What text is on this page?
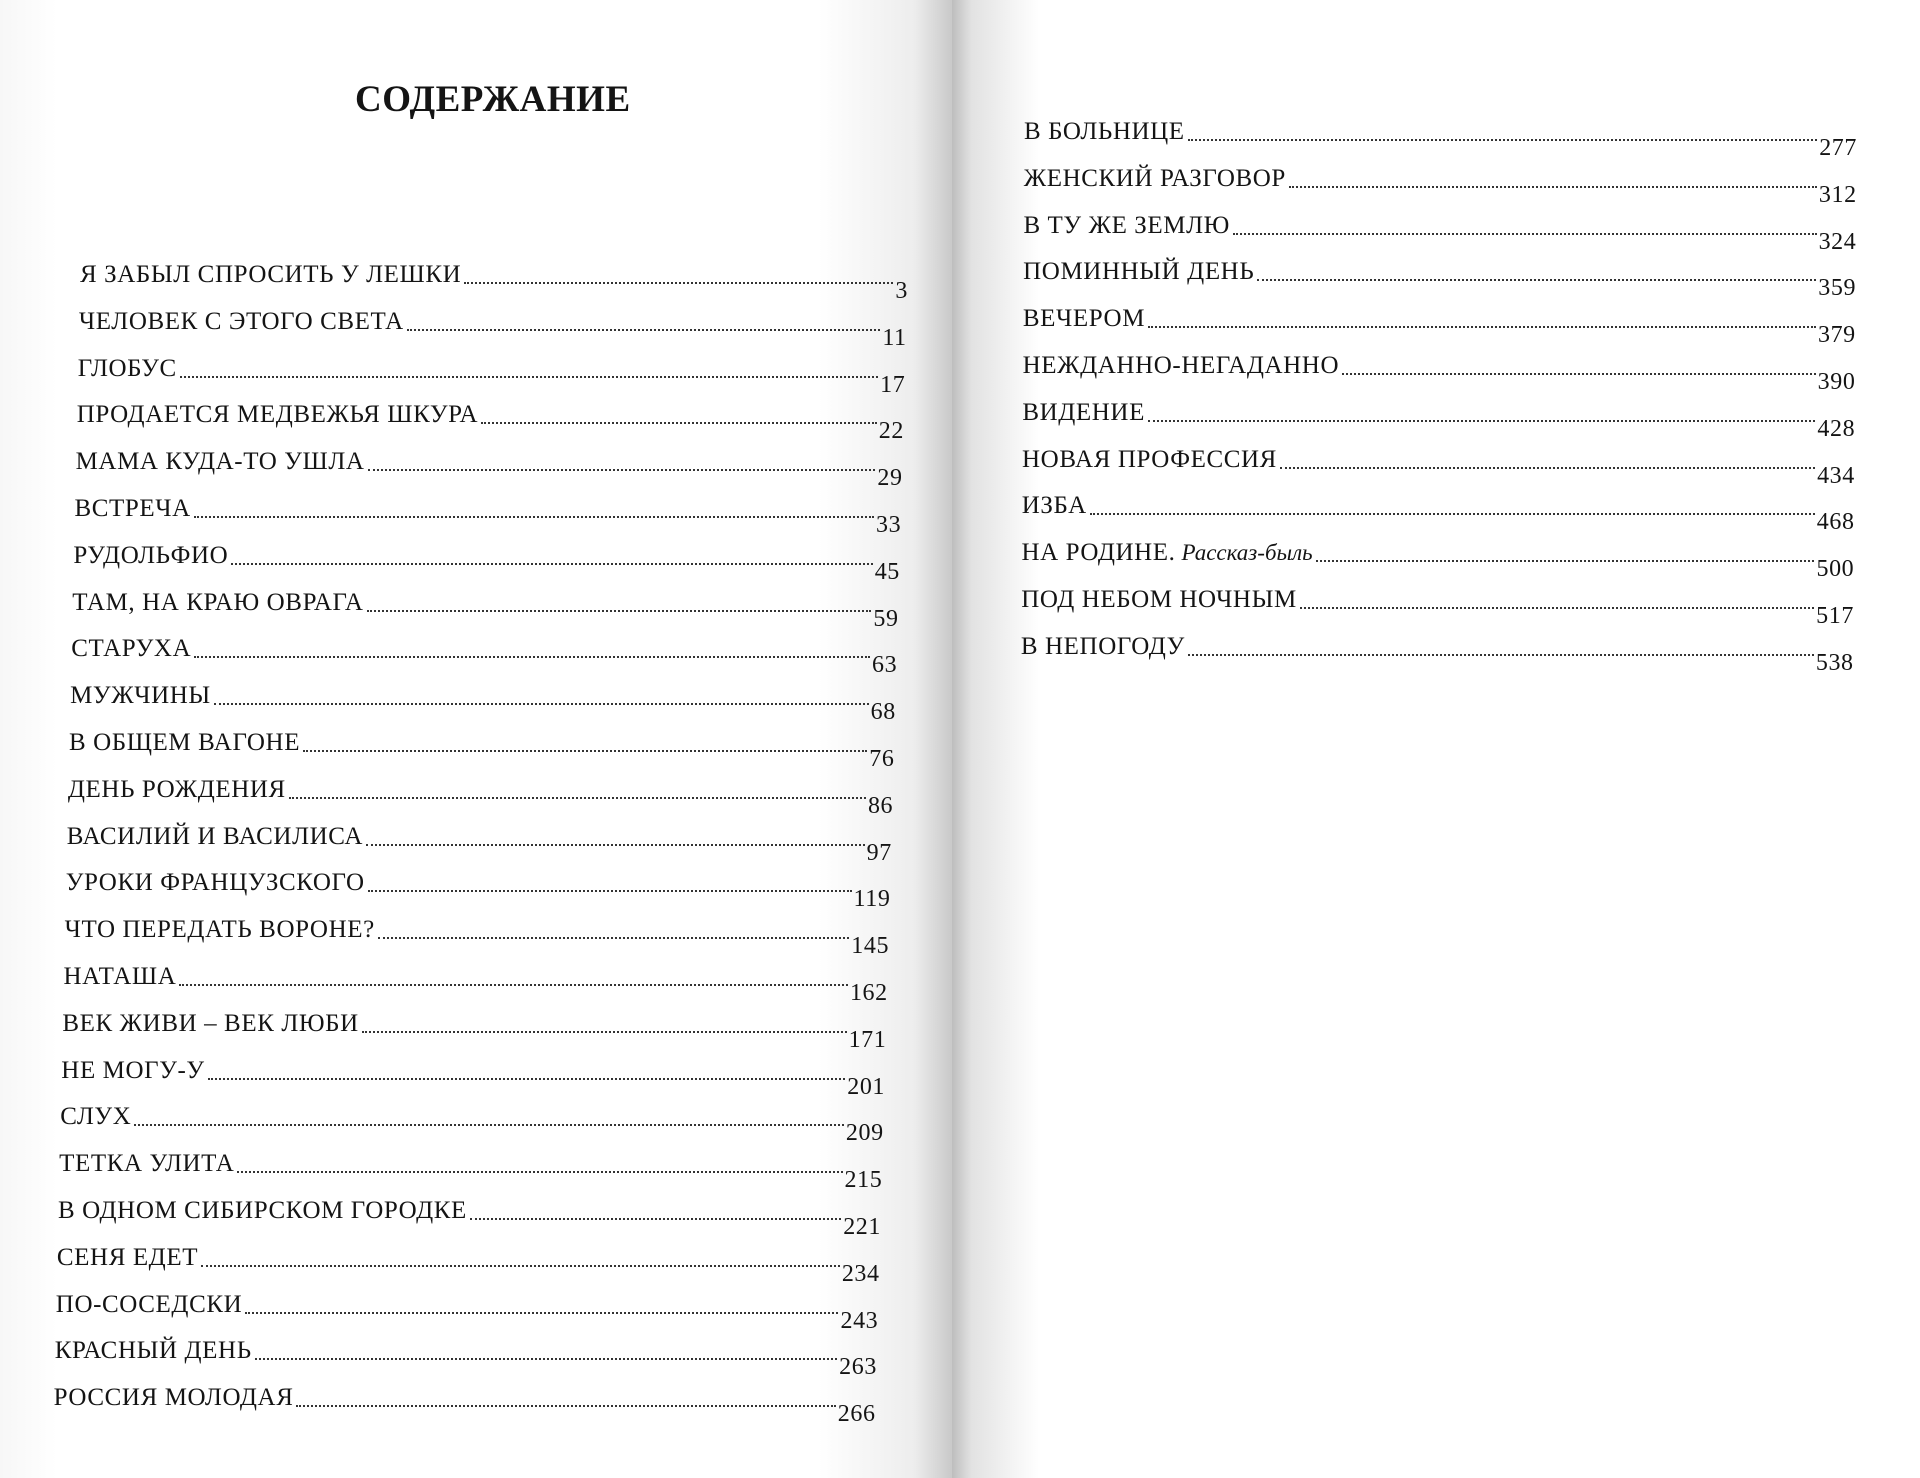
СОДЕРЖАНИЕ
Я ЗАБЫЛ СПРОСИТЬ У ЛЕШКИ
3
ЧЕЛОВЕК С ЭТОГО СВЕТА
11
ГЛОБУС
17
ПРОДАЕТСЯ МЕДВЕЖЬЯ ШКУРА
22
МАМА КУДА-ТО УШЛА
29
ВСТРЕЧА
33
РУДОЛЬФИО
45
ТАМ, НА КРАЮ ОВРАГА
59
СТАРУХА
63
МУЖЧИНЫ
68
В ОБЩЕМ ВАГОНЕ
76
ДЕНЬ РОЖДЕНИЯ
86
ВАСИЛИЙ И ВАСИЛИСА
97
УРОКИ ФРАНЦУЗСКОГО
119
ЧТО ПЕРЕДАТЬ ВОРОНЕ?
145
НАТАША
162
ВЕК ЖИВИ – ВЕК ЛЮБИ
171
НЕ МОГУ-У
201
СЛУХ
209
ТЕТКА УЛИТА
215
В ОДНОМ СИБИРСКОМ ГОРОДКЕ
221
СЕНЯ ЕДЕТ
234
ПО-СОСЕДСКИ
243
КРАСНЫЙ ДЕНЬ
263
РОССИЯ МОЛОДАЯ
266
В БОЛЬНИЦЕ
277
ЖЕНСКИЙ РАЗГОВОР
312
В ТУ ЖЕ ЗЕМЛЮ
324
ПОМИННЫЙ ДЕНЬ
359
ВЕЧЕРОМ
379
НЕЖДАННО-НЕГАДАННО
390
ВИДЕНИЕ
428
НОВАЯ ПРОФЕССИЯ
434
ИЗБА
468
НА РОДИНЕ. Рассказ-быль
500
ПОД НЕБОМ НОЧНЫМ
517
В НЕПОГОДУ
538
